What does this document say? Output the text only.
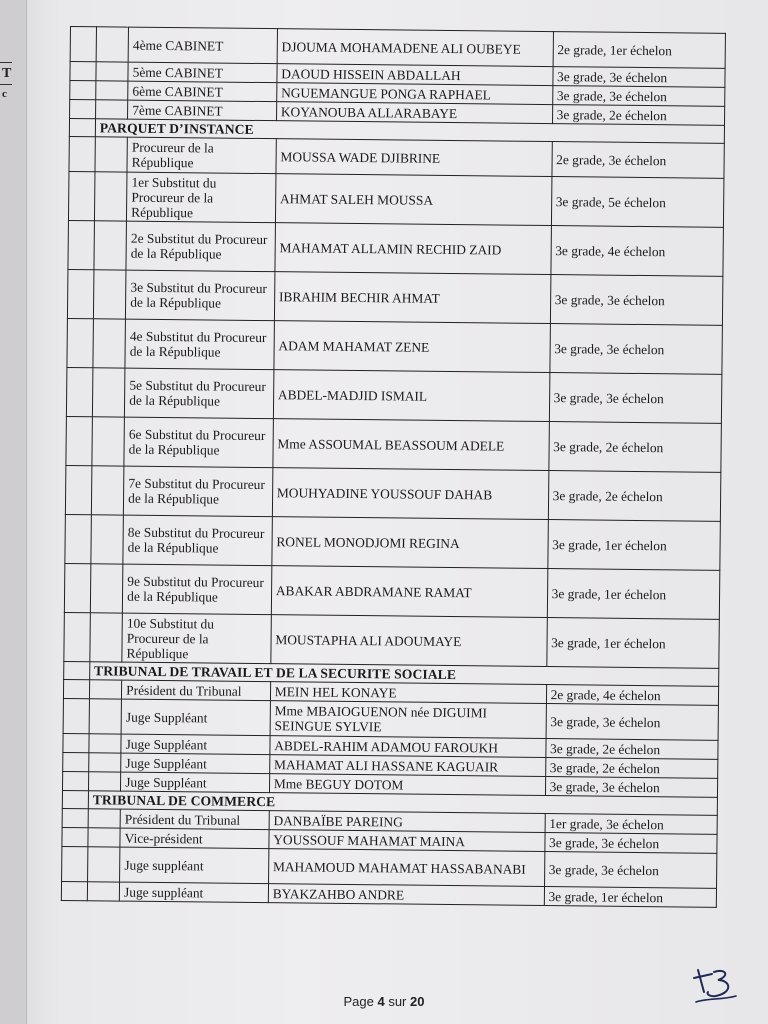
T
c
		4ème CABINET	DJOUMA MOHAMADENE ALI OUBEYE	2e grade, 1er échelon
		5ème CABINET	DAOUD HISSEIN ABDALLAH	3e grade, 3e échelon
		6ème CABINET	NGUEMANGUE PONGA RAPHAEL	3e grade, 3e échelon
		7ème CABINET	KOYANOUBA ALLARABAYE	3e grade, 2e échelon
	PARQUET D’INSTANCE			
		Procureur de la République	MOUSSA WADE DJIBRINE	2e grade, 3e échelon
		1er Substitut du Procureur de la République	AHMAT SALEH MOUSSA	3e grade, 5e échelon
		2e Substitut du Procureur de la République	MAHAMAT ALLAMIN RECHID ZAID	3e grade, 4e échelon
		3e Substitut du Procureur de la République	IBRAHIM BECHIR AHMAT	3e grade, 3e échelon
		4e Substitut du Procureur de la République	ADAM MAHAMAT ZENE	3e grade, 3e échelon
		5e Substitut du Procureur de la République	ABDEL-MADJID ISMAIL	3e grade, 3e échelon
		6e Substitut du Procureur de la République	Mme ASSOUMAL BEASSOUM ADELE	3e grade, 2e échelon
		7e Substitut du Procureur de la République	MOUHYADINE YOUSSOUF DAHAB	3e grade, 2e échelon
		8e Substitut du Procureur de la République	RONEL MONODJOMI REGINA	3e grade, 1er échelon
		9e Substitut du Procureur de la République	ABAKAR ABDRAMANE RAMAT	3e grade, 1er échelon
		10e Substitut du Procureur de la République	MOUSTAPHA ALI ADOUMAYE	3e grade, 1er échelon
	TRIBUNAL DE TRAVAIL ET DE LA SECURITE SOCIALE			
		Président du Tribunal	MEIN HEL KONAYE	2e grade, 4e échelon
		Juge Suppléant	Mme MBAIOGUENON née DIGUIMI SEINGUE SYLVIE	3e grade, 3e échelon
		Juge Suppléant	ABDEL-RAHIM ADAMOU FAROUKH	3e grade, 2e échelon
		Juge Suppléant	MAHAMAT ALI HASSANE KAGUAIR	3e grade, 2e échelon
		Juge Suppléant	Mme BEGUY DOTOM	3e grade, 3e échelon
	TRIBUNAL DE COMMERCE			
		Président du Tribunal	DANBAÏBE PAREING	1er grade, 3e échelon
		Vice-président	YOUSSOUF MAHAMAT MAINA	3e grade, 3e échelon
		Juge suppléant	MAHAMOUD MAHAMAT HASSABANABI	3e grade, 3e échelon
		Juge suppléant	BYAKZAHBO ANDRE	3e grade, 1er échelon
Page 4 sur 20
